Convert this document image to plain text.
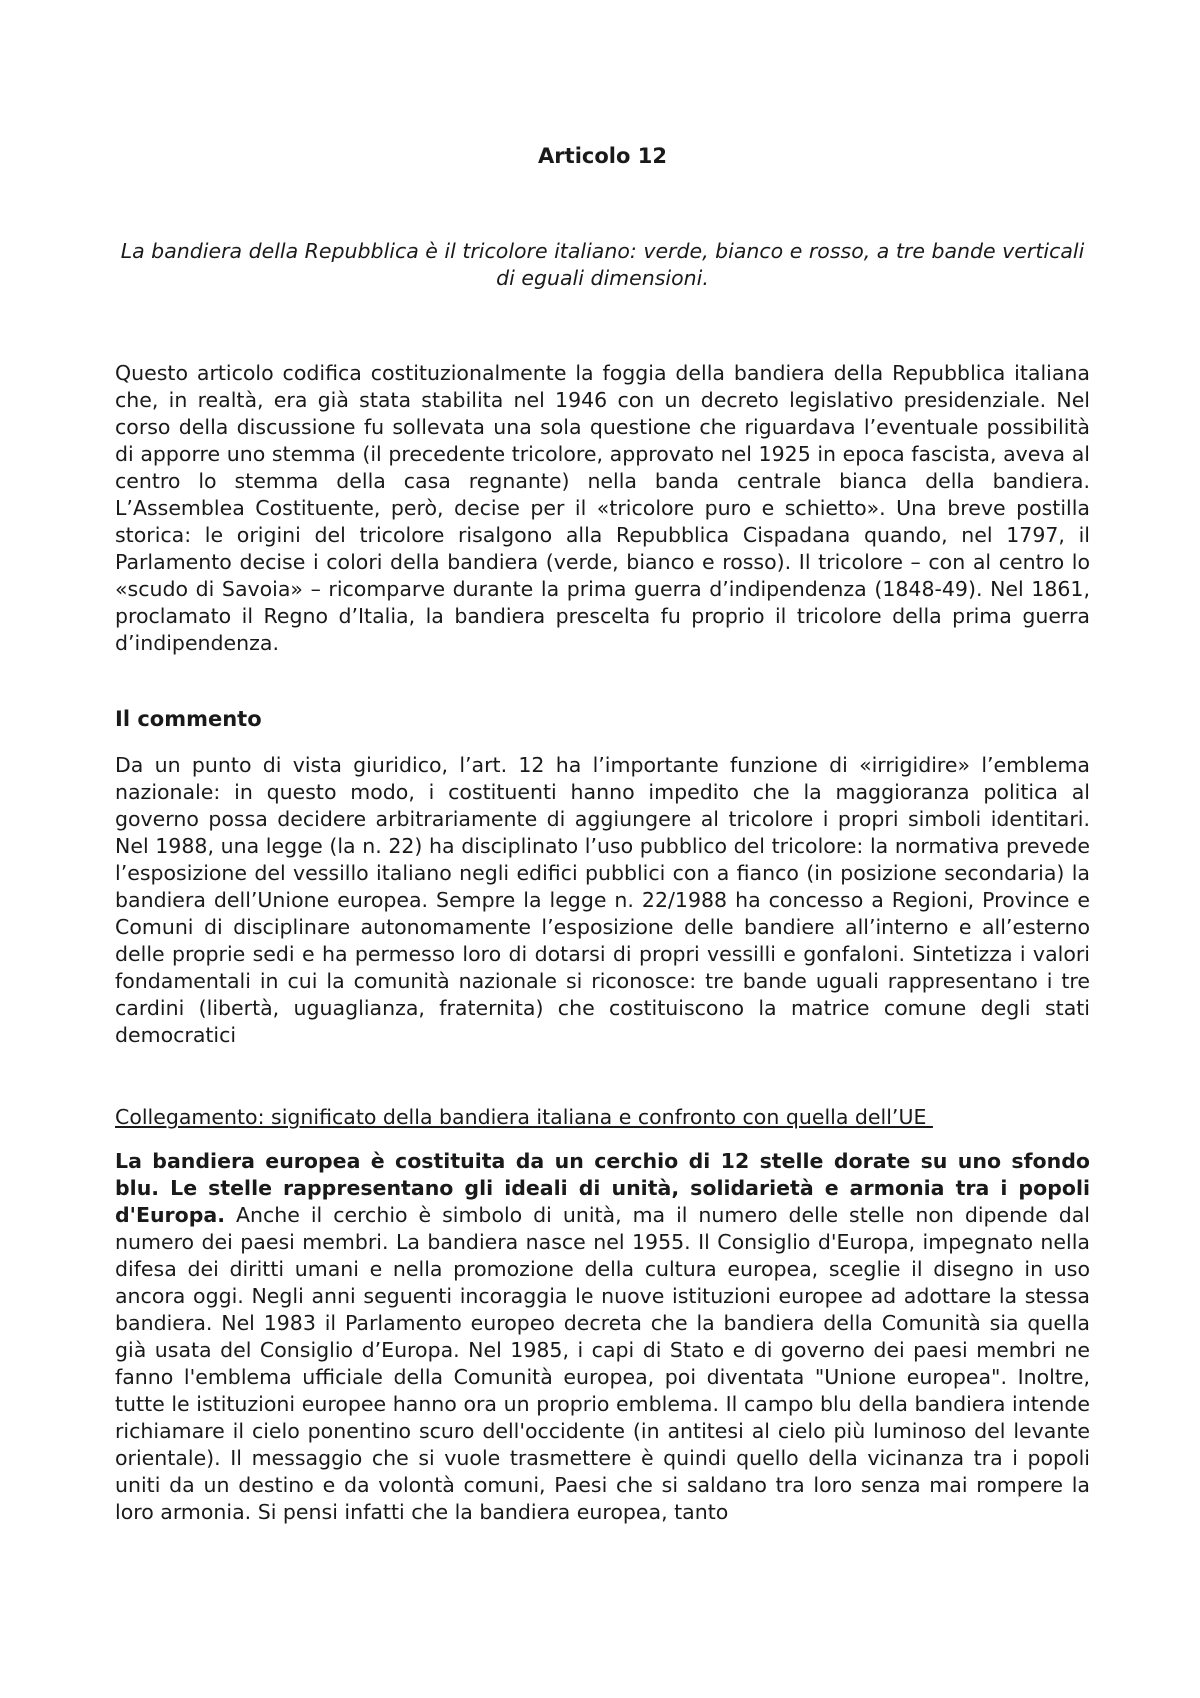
Articolo 12
La bandiera della Repubblica è il tricolore italiano: verde, bianco e rosso, a tre bande verticali di eguali dimensioni.

Questo articolo codifica costituzionalmente la foggia della bandiera della Repubblica italiana che, in realtà, era già stata stabilita nel 1946 con un decreto legislativo presidenziale. Nel corso della discussione fu sollevata una sola questione che riguardava l’eventuale possibilità di apporre uno stemma (il precedente tricolore, approvato nel 1925 in epoca fascista, aveva al centro lo stemma della casa regnante) nella banda centrale bianca della bandiera. L’Assemblea Costituente, però, decise per il «tricolore puro e schietto». Una breve postilla storica: le origini del tricolore risalgono alla Repubblica Cispadana quando, nel 1797, il Parlamento decise i colori della bandiera (verde, bianco e rosso). Il tricolore – con al centro lo «scudo di Savoia» – ricomparve durante la prima guerra d’indipendenza (1848-49). Nel 1861, proclamato il Regno d’Italia, la bandiera prescelta fu proprio il tricolore della prima guerra d’indipendenza.

Il commento

Da un punto di vista giuridico, l’art. 12 ha l’importante funzione di «irrigidire» l’emblema nazionale: in questo modo, i costituenti hanno impedito che la maggioranza politica al governo possa decidere arbitrariamente di aggiungere al tricolore i propri simboli identitari. Nel 1988, una legge (la n. 22) ha disciplinato l’uso pubblico del tricolore: la normativa prevede l’esposizione del vessillo italiano negli edifici pubblici con a fianco (in posizione secondaria) la bandiera dell’Unione europea. Sempre la legge n. 22/1988 ha concesso a Regioni, Province e Comuni di disciplinare autonomamente l’esposizione delle bandiere all’interno e all’esterno delle proprie sedi e ha permesso loro di dotarsi di propri vessilli e gonfaloni. Sintetizza i valori fondamentali in cui la comunità nazionale si riconosce: tre bande uguali rappresentano i tre cardini (libertà, uguaglianza, fraternita) che costituiscono la matrice comune degli stati democratici

Collegamento: significato della bandiera italiana e confronto con quella dell’UE

La bandiera europea è costituita da un cerchio di 12 stelle dorate su uno sfondo blu. Le stelle rappresentano gli ideali di unità, solidarietà e armonia tra i popoli d'Europa. Anche il cerchio è simbolo di unità, ma il numero delle stelle non dipende dal numero dei paesi membri. La bandiera nasce nel 1955. Il Consiglio d'Europa, impegnato nella difesa dei diritti umani e nella promozione della cultura europea, sceglie il disegno in uso ancora oggi. Negli anni seguenti incoraggia le nuove istituzioni europee ad adottare la stessa bandiera. Nel 1983 il Parlamento europeo decreta che la bandiera della Comunità sia quella già usata del Consiglio d’Europa. Nel 1985, i capi di Stato e di governo dei paesi membri ne fanno l'emblema ufficiale della Comunità europea, poi diventata "Unione europea". Inoltre, tutte le istituzioni europee hanno ora un proprio emblema. Il campo blu della bandiera intende richiamare il cielo ponentino scuro dell'occidente (in antitesi al cielo più luminoso del levante orientale). Il messaggio che si vuole trasmettere è quindi quello della vicinanza tra i popoli uniti da un destino e da volontà comuni, Paesi che si saldano tra loro senza mai rompere la loro armonia. Si pensi infatti che la bandiera europea, tanto
